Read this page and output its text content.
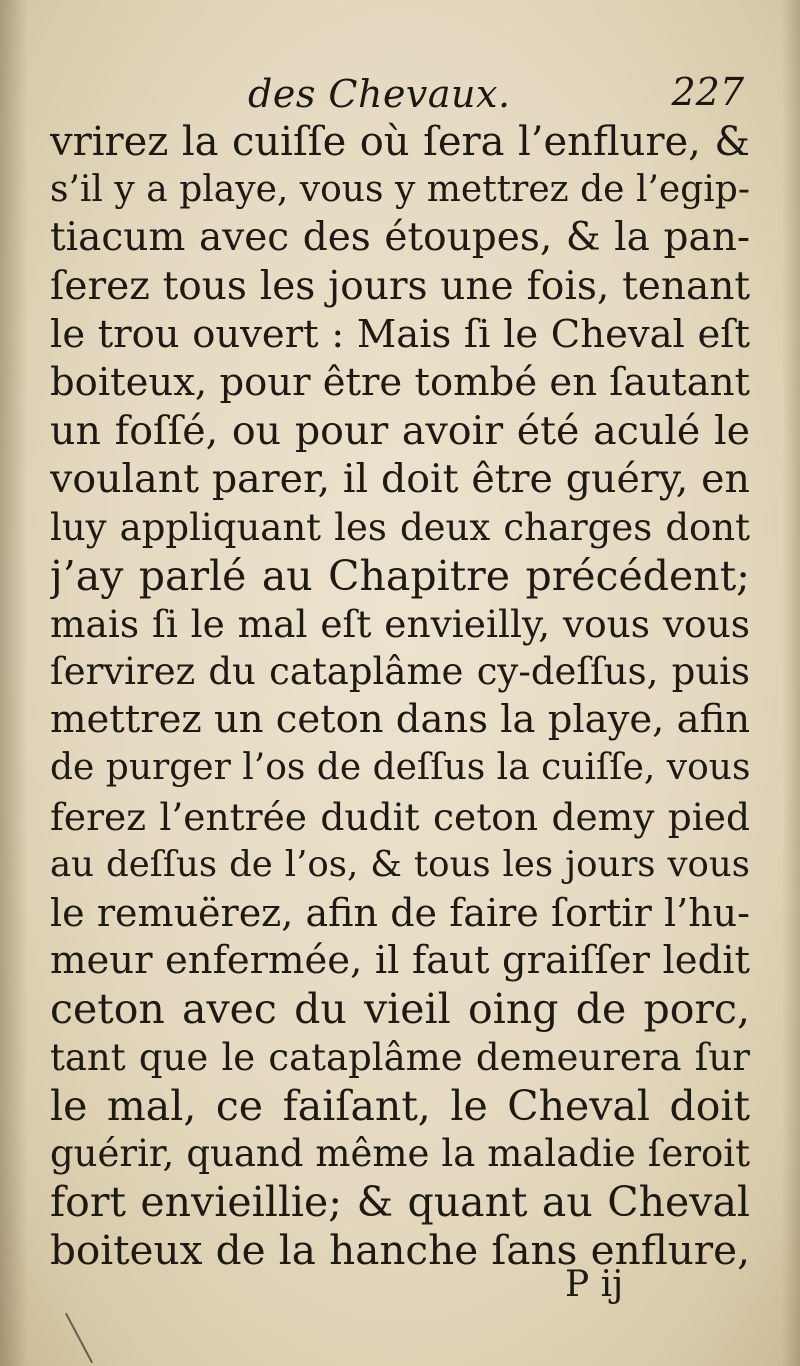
des Chevaux.	227
vrirez la cuiſſe où ſera l’enflure, &
s’il y a playe, vous y mettrez de l’egip-
tiacum avec des étoupes, & la pan-
ſerez tous les jours une fois, tenant
le trou ouvert : Mais ſi le Cheval eſt
boiteux, pour être tombé en ſautant
un foſſé, ou pour avoir été aculé le
voulant parer, il doit être guéry, en
luy appliquant les deux charges dont
j’ay parlé au Chapitre précédent;
mais ſi le mal eſt envieilly, vous vous
ſervirez du cataplâme cy-deſſus, puis
mettrez un ceton dans la playe, afin
de purger l’os de deſſus la cuiſſe, vous
ferez l’entrée dudit ceton demy pied
au deſſus de l’os, & tous les jours vous
le remuërez, afin de faire ſortir l’hu-
meur enfermée, il faut graiſſer ledit
ceton avec du vieil oing de porc,
tant que le cataplâme demeurera ſur
le mal, ce faiſant, le Cheval doit
guérir, quand même la maladie ſeroit
fort envieillie; & quant au Cheval
boiteux de la hanche ſans enflure,
P ij
